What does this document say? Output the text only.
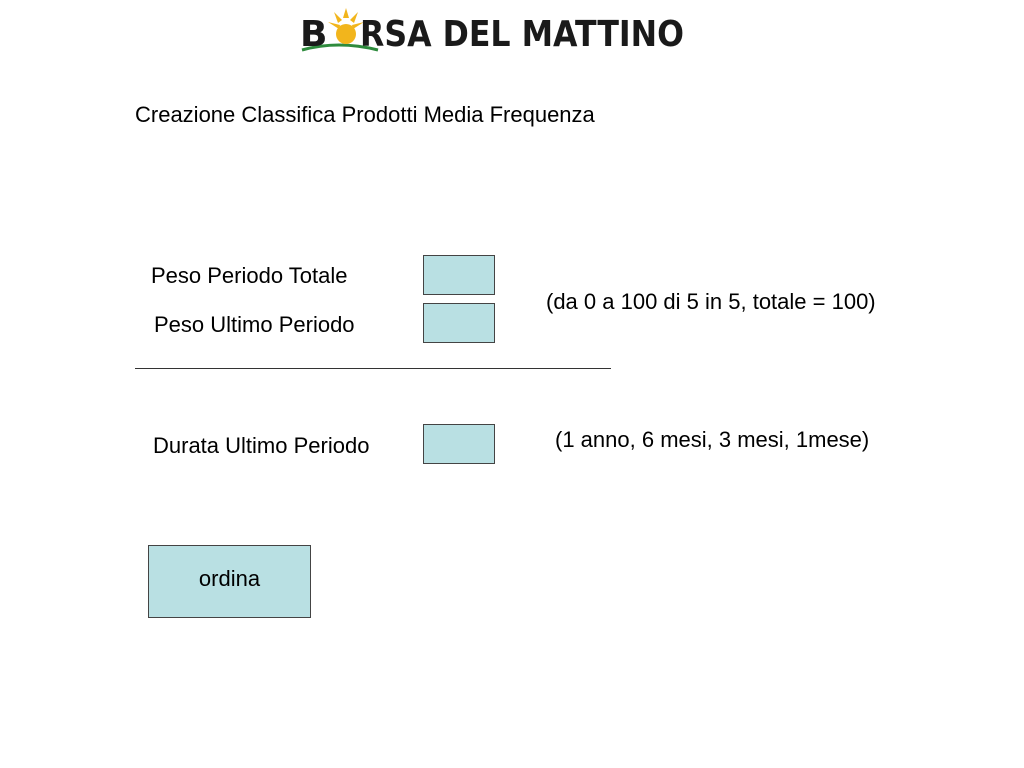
B RSA DEL MATTINO
Creazione Classifica Prodotti Media Frequenza
Peso Periodo Totale
Peso Ultimo Periodo
(da 0 a 100 di 5 in 5, totale = 100)
Durata Ultimo Periodo	(1 anno, 6 mesi, 3 mesi, 1mese)
ordina
